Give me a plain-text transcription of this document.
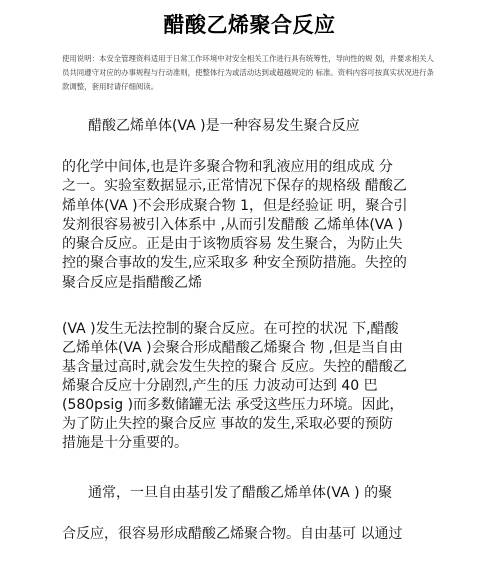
醋酸乙烯聚合反应
使用说明：本安全管理资料适用于日常工作环境中对安全相关工作进行具有统筹性，导向性的规 划，并要求相关人员共同遵守对应的办事规程与行动准则，使整体行为或活动达到或超越规定的 标准。资料内容可按真实状况进行条款调整，套用时请仔细阅读。
醋酸乙烯单体(VA )是一种容易发生聚合反应
的化学中间体,也是许多聚合物和乳液应用的组成成 分
之一。实验室数据显示,正常情况下保存的规格级 醋酸乙
烯单体(VA )不会形成聚合物 1，但是经验证 明，聚合引
发剂很容易被引入体系中 ,从而引发醋酸 乙烯单体(VA )
的聚合反应。正是由于该物质容易 发生聚合，为防止失
控的聚合事故的发生,应采取多 种安全预防措施。失控的
聚合反应是指醋酸乙烯
(VA )发生无法控制的聚合反应。在可控的状况 下,醋酸
乙烯单体(VA )会聚合形成醋酸乙烯聚合 物 ,但是当自由
基含量过高时,就会发生失控的聚合 反应。失控的醋酸乙
烯聚合反应十分剧烈,产生的压 力波动可达到 40 巴
(580psig )而多数储罐无法 承受这些压力环境。因此，
为了防止失控的聚合反应 事故的发生,采取必要的预防
措施是十分重要的。
通常，一旦自由基引发了醋酸乙烯单体(VA ) 的聚
合反应，很容易形成醋酸乙烯聚合物。自由基可 以通过
